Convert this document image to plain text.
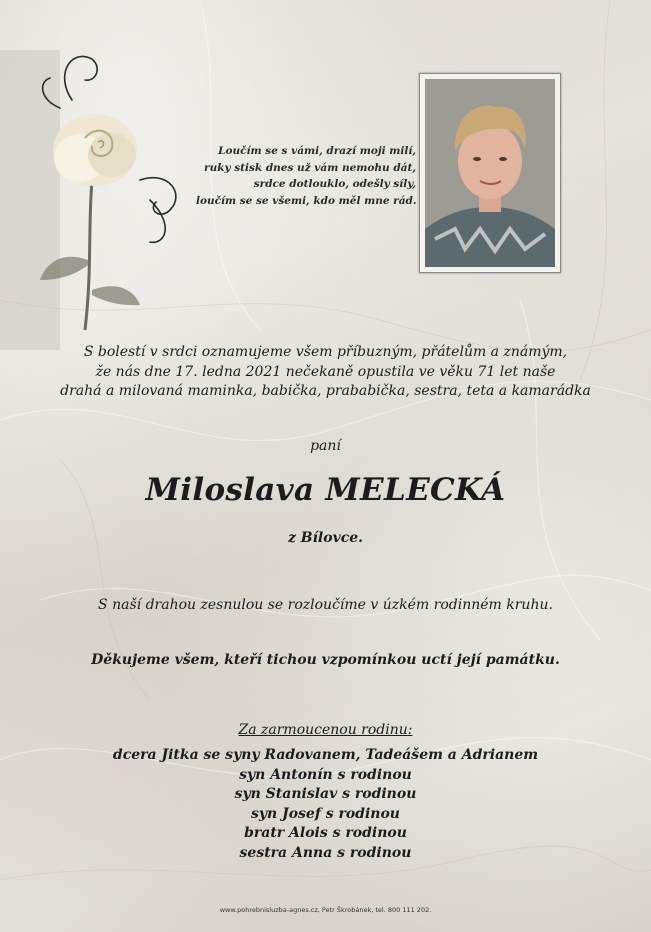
Loučím se s vámi, drazí moji milí,
ruky stisk dnes už vám nemohu dát,
srdce dotlouklo, odešly síly,
loučím se se všemi, kdo měl mne rád.
S bolestí v srdci oznamujeme všem příbuzným, přátelům a známým,
že nás dne 17. ledna 2021 nečekaně opustila ve věku 71 let naše
drahá a milovaná maminka, babička, prababička, sestra, teta a kamarádka
paní
Miloslava MELECKÁ
z Bílovce.
S naší drahou zesnulou se rozloučíme v úzkém rodinném kruhu.
Děkujeme všem, kteří tichou vzpomínkou uctí její památku.
Za zarmoucenou rodinu:
dcera Jitka se syny Radovanem, Tadeášem a Adrianem
syn Antonín s rodinou
syn Stanislav s rodinou
syn Josef s rodinou
bratr Alois s rodinou
sestra Anna s rodinou
www.pohrebnisluzba-agnes.cz, Petr Škrobánek, tel. 800 111 202.
